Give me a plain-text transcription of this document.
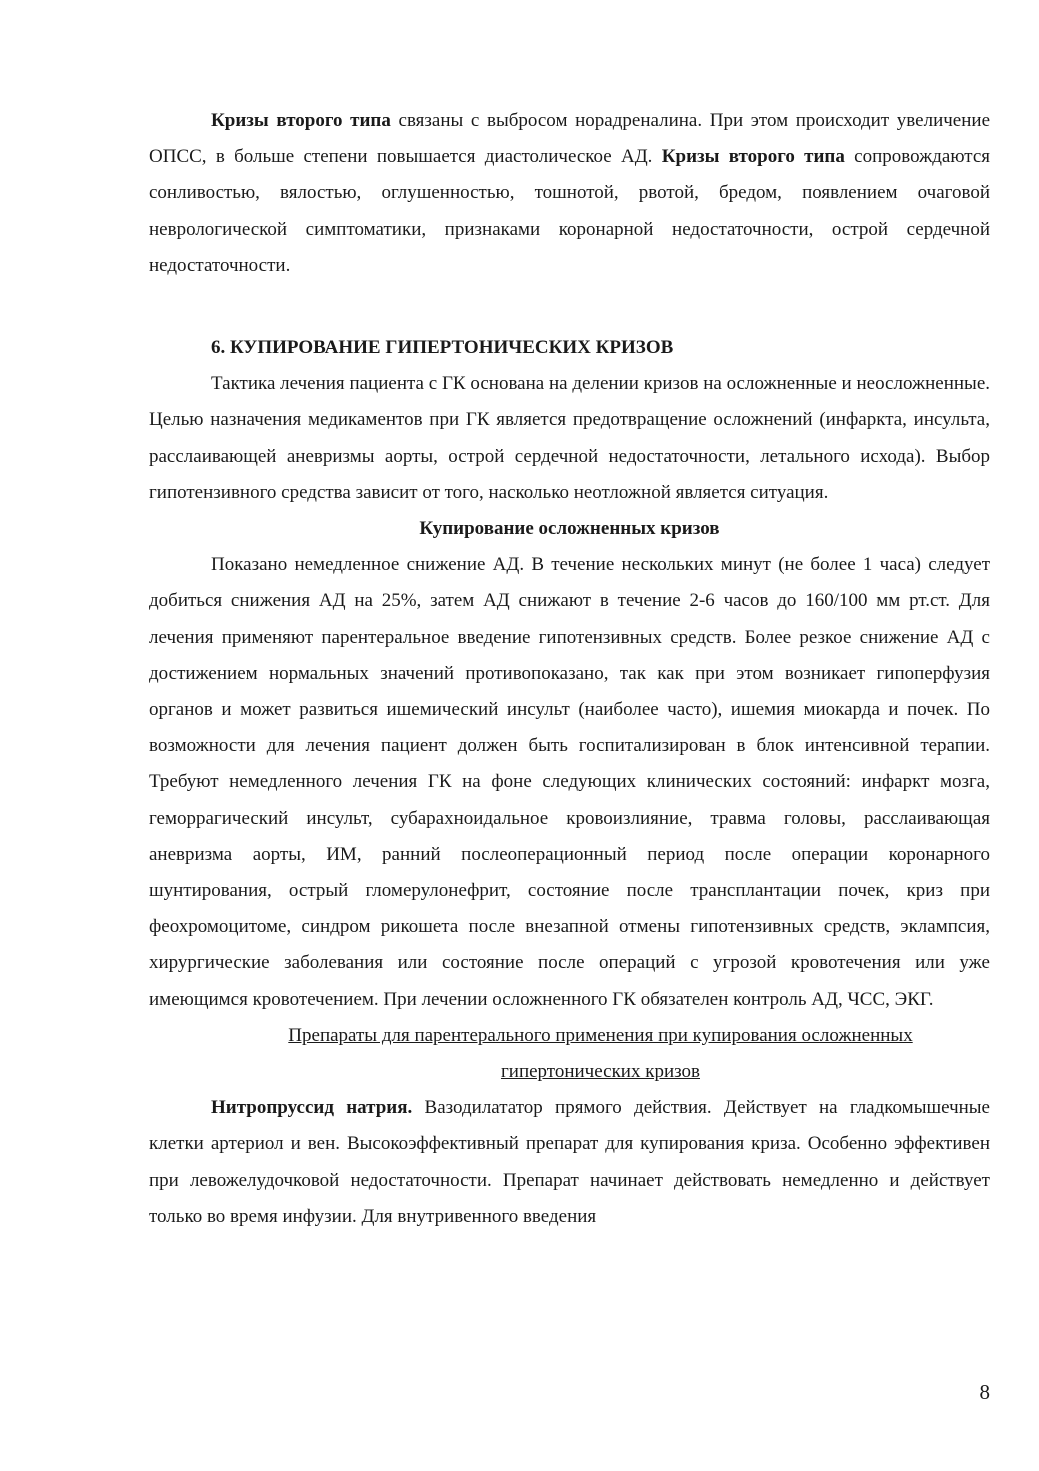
Кризы второго типа связаны с выбросом норадреналина. При этом происходит увеличение ОПСС, в больше степени повышается диастолическое АД. Кризы второго типа сопровождаются сонливостью, вялостью, оглушенностью, тошнотой, рвотой, бредом, появлением очаговой неврологической симптоматики, признаками коронарной недостаточности, острой сердечной недостаточности.

6. КУПИРОВАНИЕ ГИПЕРТОНИЧЕСКИХ КРИЗОВ

Тактика лечения пациента с ГК основана на делении кризов на осложненные и неосложненные. Целью назначения медикаментов при ГК является предотвращение осложнений (инфаркта, инсульта, расслаивающей аневризмы аорты, острой сердечной недостаточности, летального исхода). Выбор гипотензивного средства зависит от того, насколько неотложной является ситуация.

Купирование осложненных кризов

Показано немедленное снижение АД. В течение нескольких минут (не более 1 часа) следует добиться снижения АД на 25%, затем АД снижают в течение 2-6 часов до 160/100 мм рт.ст. Для лечения применяют парентеральное введение гипотензивных средств. Более резкое снижение АД с достижением нормальных значений противопоказано, так как при этом возникает гипоперфузия органов и может развиться ишемический инсульт (наиболее часто), ишемия миокарда и почек. По возможности для лечения пациент должен быть госпитализирован в блок интенсивной терапии. Требуют немедленного лечения ГК на фоне следующих клинических состояний: инфаркт мозга, геморрагический инсульт, субарахноидальное кровоизлияние, травма головы, расслаивающая аневризма аорты, ИМ, ранний послеоперационный период после операции коронарного шунтирования, острый гломерулонефрит, состояние после трансплантации почек, криз при феохромоцитоме, синдром рикошета после внезапной отмены гипотензивных средств, эклампсия, хирургические заболевания или состояние после операций с угрозой кровотечения или уже имеющимся кровотечением. При лечении осложненного ГК обязателен контроль АД, ЧСС, ЭКГ.

Препараты для парентерального применения при купирования осложненных
гипертонических кризов

Нитропруссид натрия. Вазодилататор прямого действия. Действует на гладкомышечные клетки артериол и вен. Высокоэффективный препарат для купирования криза. Особенно эффективен при левожелудочковой недостаточности. Препарат начинает действовать немедленно и действует только во время инфузии. Для внутривенного введения

8
